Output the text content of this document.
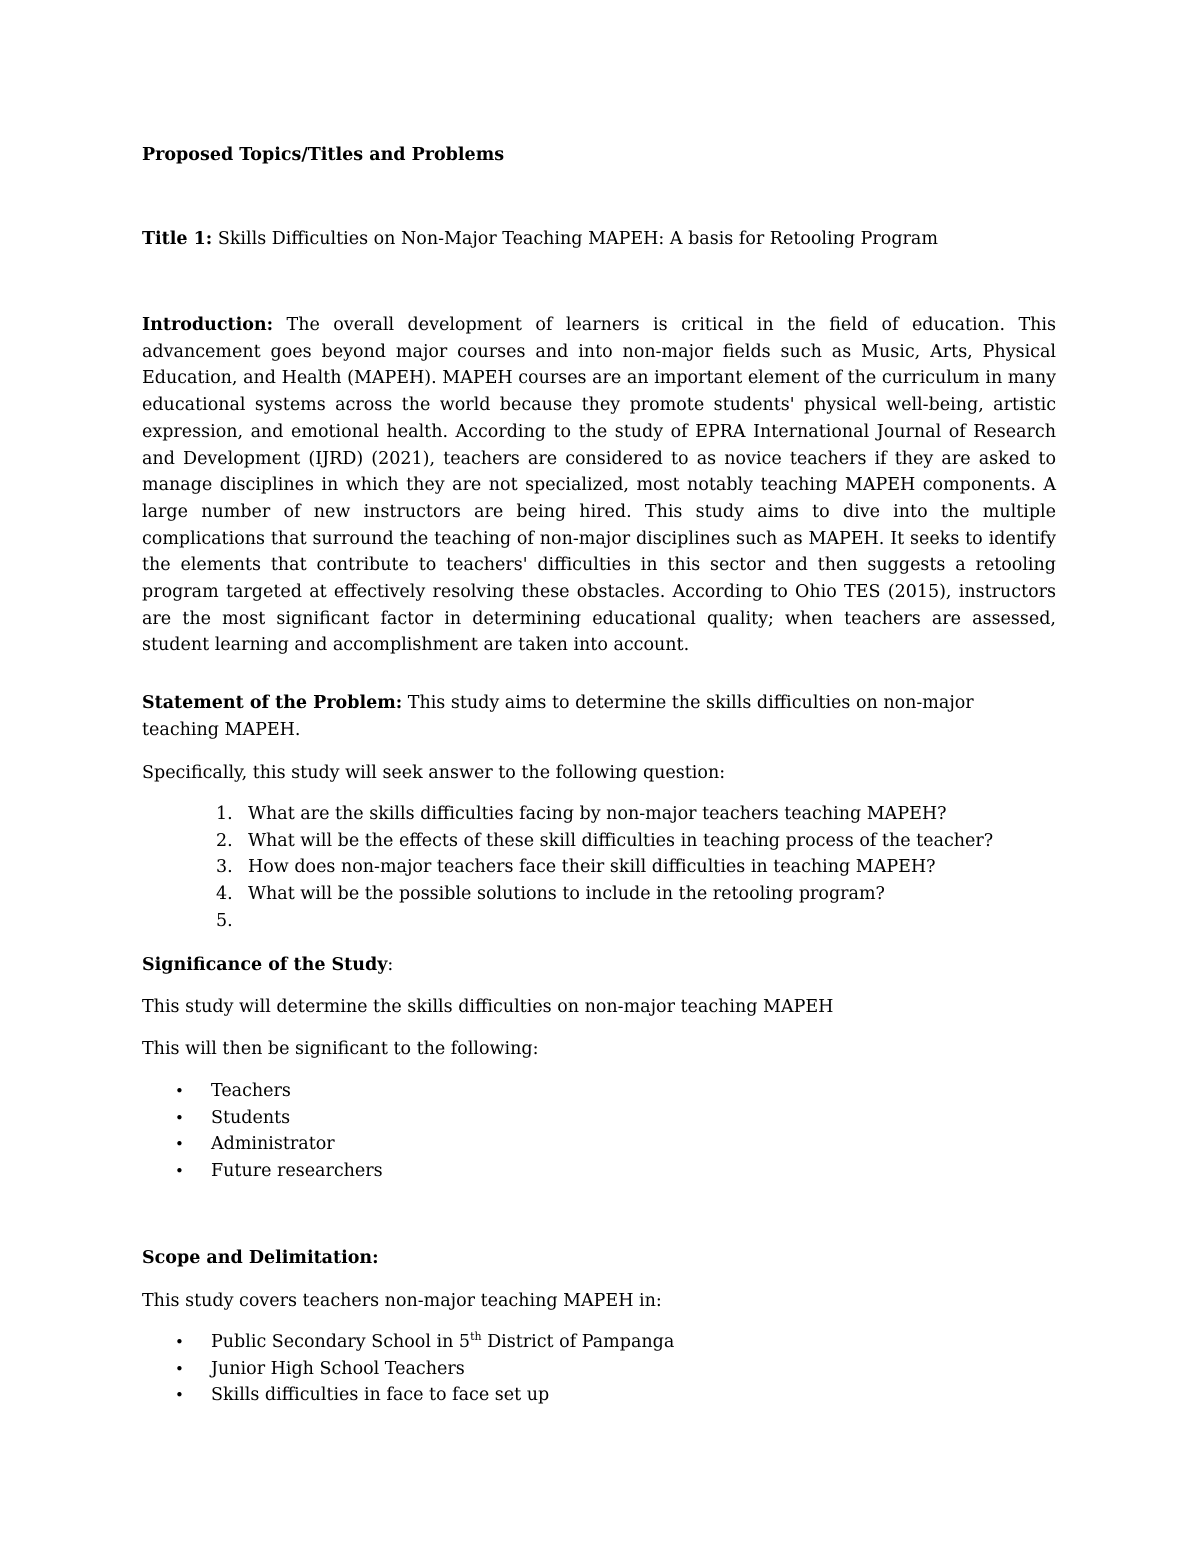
Proposed Topics/Titles and Problems

Title 1: Skills Difficulties on Non-Major Teaching MAPEH: A basis for Retooling Program

Introduction: The overall development of learners is critical in the field of education. This advancement goes beyond major courses and into non-major fields such as Music, Arts, Physical Education, and Health (MAPEH). MAPEH courses are an important element of the curriculum in many educational systems across the world because they promote students' physical well-being, artistic expression, and emotional health. According to the study of EPRA International Journal of Research and Development (IJRD) (2021), teachers are considered to as novice teachers if they are asked to manage disciplines in which they are not specialized, most notably teaching MAPEH components. A large number of new instructors are being hired. This study aims to dive into the multiple complications that surround the teaching of non-major disciplines such as MAPEH. It seeks to identify the elements that contribute to teachers' difficulties in this sector and then suggests a retooling program targeted at effectively resolving these obstacles. According to Ohio TES (2015), instructors are the most significant factor in determining educational quality; when teachers are assessed, student learning and accomplishment are taken into account.

Statement of the Problem: This study aims to determine the skills difficulties on non-major teaching MAPEH.

Specifically, this study will seek answer to the following question:

1. What are the skills difficulties facing by non-major teachers teaching MAPEH?
2. What will be the effects of these skill difficulties in teaching process of the teacher?
3. How does non-major teachers face their skill difficulties in teaching MAPEH?
4. What will be the possible solutions to include in the retooling program?
5.

Significance of the Study:

This study will determine the skills difficulties on non-major teaching MAPEH

This will then be significant to the following:

• Teachers
• Students
• Administrator
• Future researchers

Scope and Delimitation:

This study covers teachers non-major teaching MAPEH in:

• Public Secondary School in 5th District of Pampanga
• Junior High School Teachers
• Skills difficulties in face to face set up
